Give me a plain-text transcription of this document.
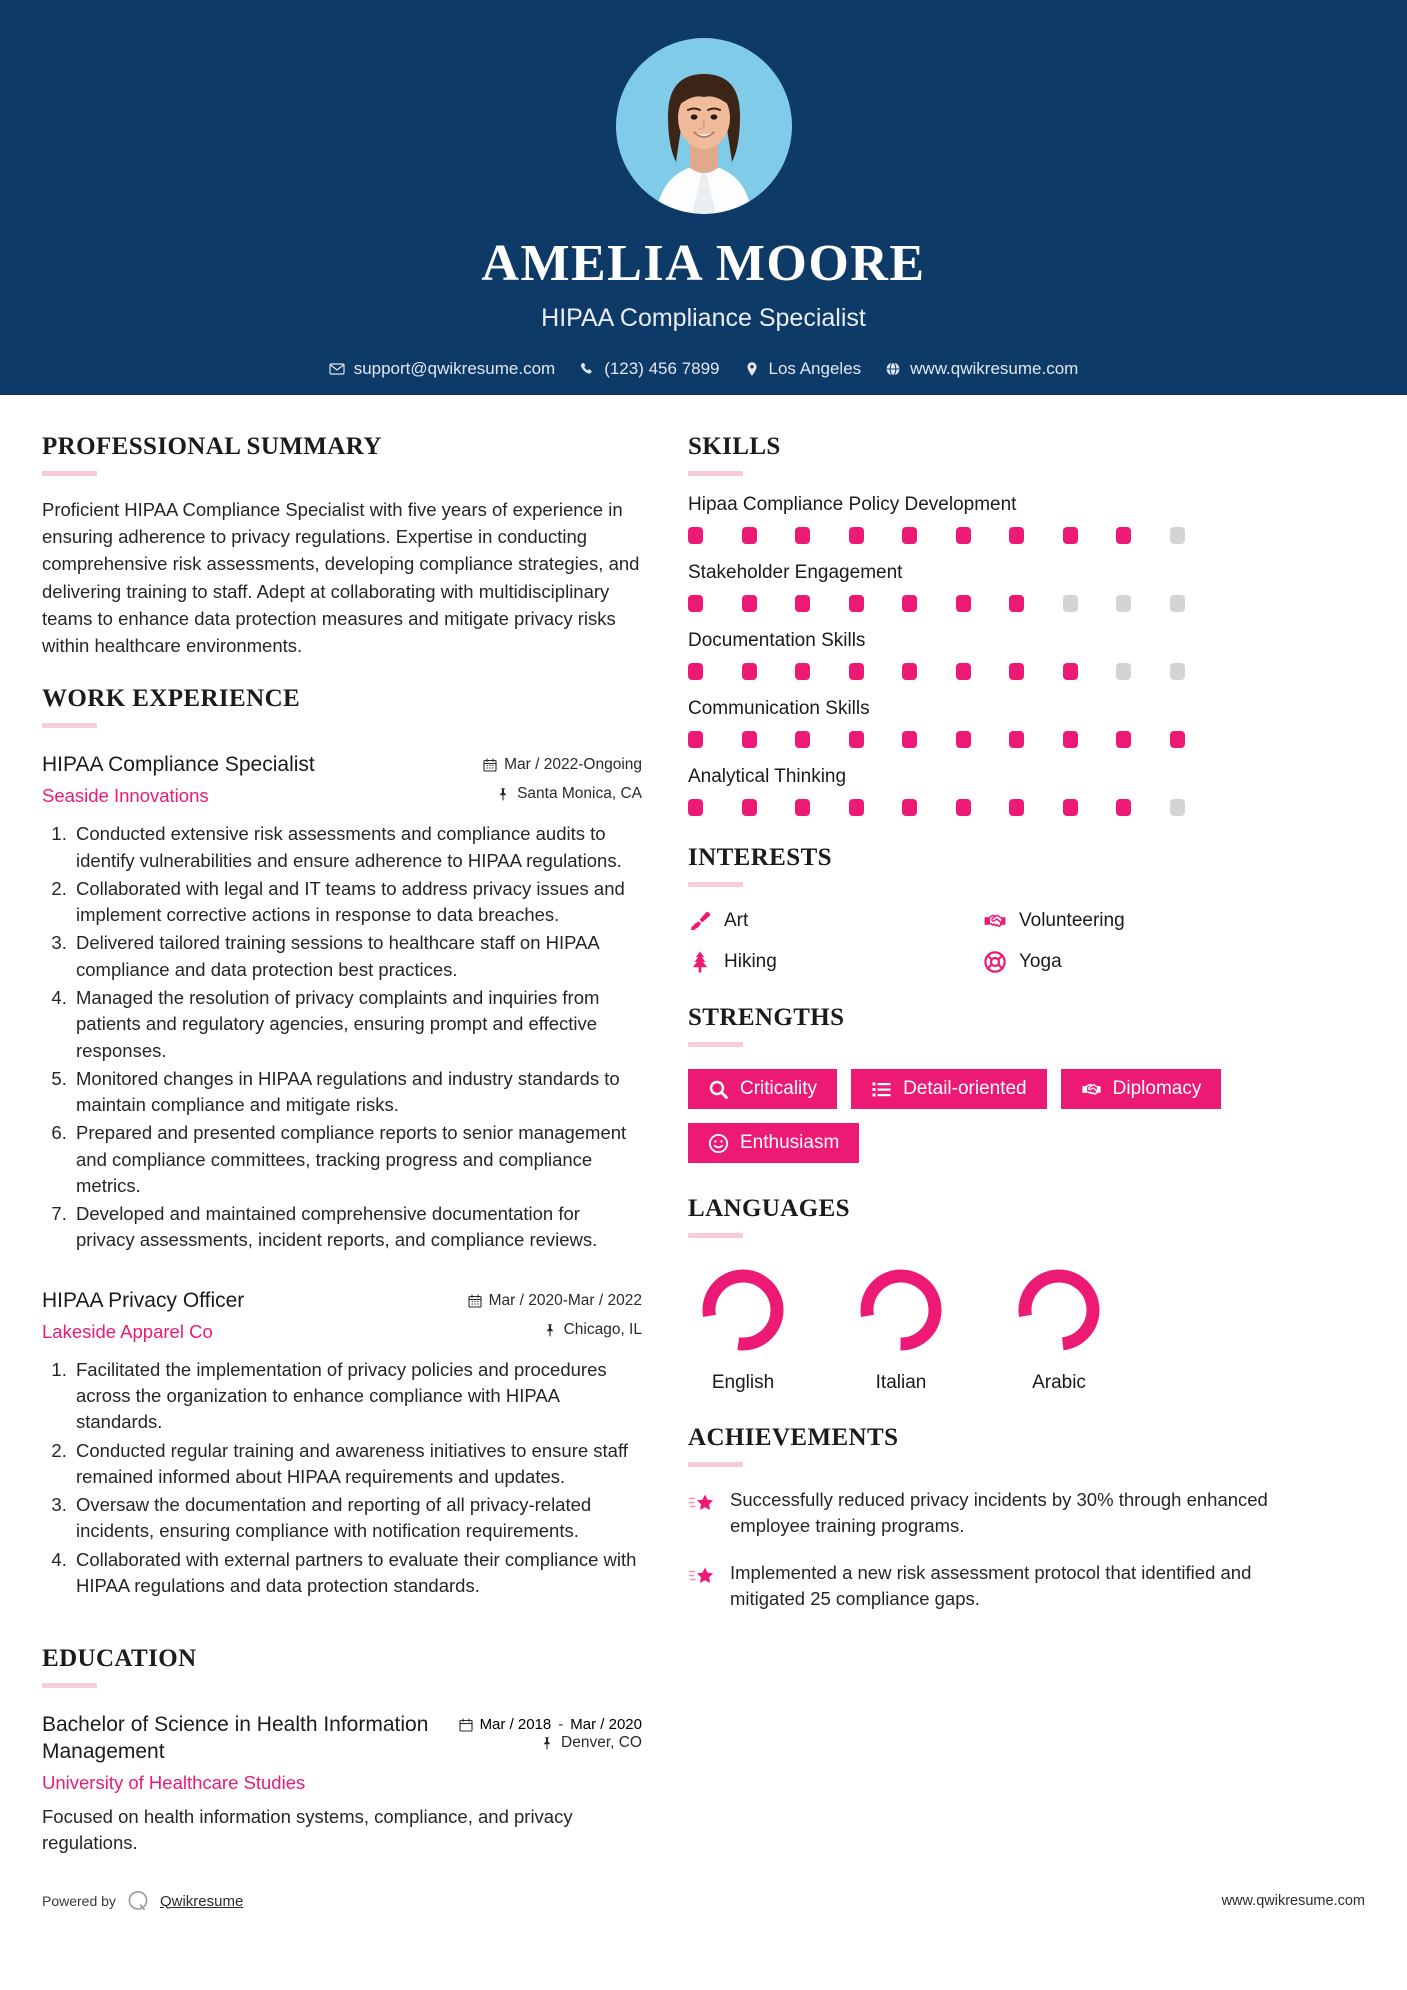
AMELIA MOORE
HIPAA Compliance Specialist
support@qwikresume.com	(123) 456 7899	Los Angeles	www.qwikresume.com
PROFESSIONAL SUMMARY
Proficient HIPAA Compliance Specialist with five years of experience in ensuring adherence to privacy regulations. Expertise in conducting comprehensive risk assessments, developing compliance strategies, and delivering training to staff. Adept at collaborating with multidisciplinary teams to enhance data protection measures and mitigate privacy risks within healthcare environments.
WORK EXPERIENCE
HIPAA Compliance Specialist
Seaside Innovations
Mar / 2022-Ongoing
Santa Monica, CA
1. Conducted extensive risk assessments and compliance audits to identify vulnerabilities and ensure adherence to HIPAA regulations.
2. Collaborated with legal and IT teams to address privacy issues and implement corrective actions in response to data breaches.
3. Delivered tailored training sessions to healthcare staff on HIPAA compliance and data protection best practices.
4. Managed the resolution of privacy complaints and inquiries from patients and regulatory agencies, ensuring prompt and effective responses.
5. Monitored changes in HIPAA regulations and industry standards to maintain compliance and mitigate risks.
6. Prepared and presented compliance reports to senior management and compliance committees, tracking progress and compliance metrics.
7. Developed and maintained comprehensive documentation for privacy assessments, incident reports, and compliance reviews.
HIPAA Privacy Officer
Lakeside Apparel Co
Mar / 2020-Mar / 2022
Chicago, IL
1. Facilitated the implementation of privacy policies and procedures across the organization to enhance compliance with HIPAA standards.
2. Conducted regular training and awareness initiatives to ensure staff remained informed about HIPAA requirements and updates.
3. Oversaw the documentation and reporting of all privacy-related incidents, ensuring compliance with notification requirements.
4. Collaborated with external partners to evaluate their compliance with HIPAA regulations and data protection standards.
EDUCATION
Bachelor of Science in Health Information Management
University of Healthcare Studies
Mar / 2018 - Mar / 2020
Denver, CO
Focused on health information systems, compliance, and privacy regulations.
SKILLS
Hipaa Compliance Policy Development
Stakeholder Engagement
Documentation Skills
Communication Skills
Analytical Thinking
INTERESTS
Art	Volunteering
Hiking	Yoga
STRENGTHS
Criticality	Detail-oriented	Diplomacy
Enthusiasm
LANGUAGES
English	Italian	Arabic
ACHIEVEMENTS
Successfully reduced privacy incidents by 30% through enhanced employee training programs.
Implemented a new risk assessment protocol that identified and mitigated 25 compliance gaps.
Powered by	Qwikresume	www.qwikresume.com
